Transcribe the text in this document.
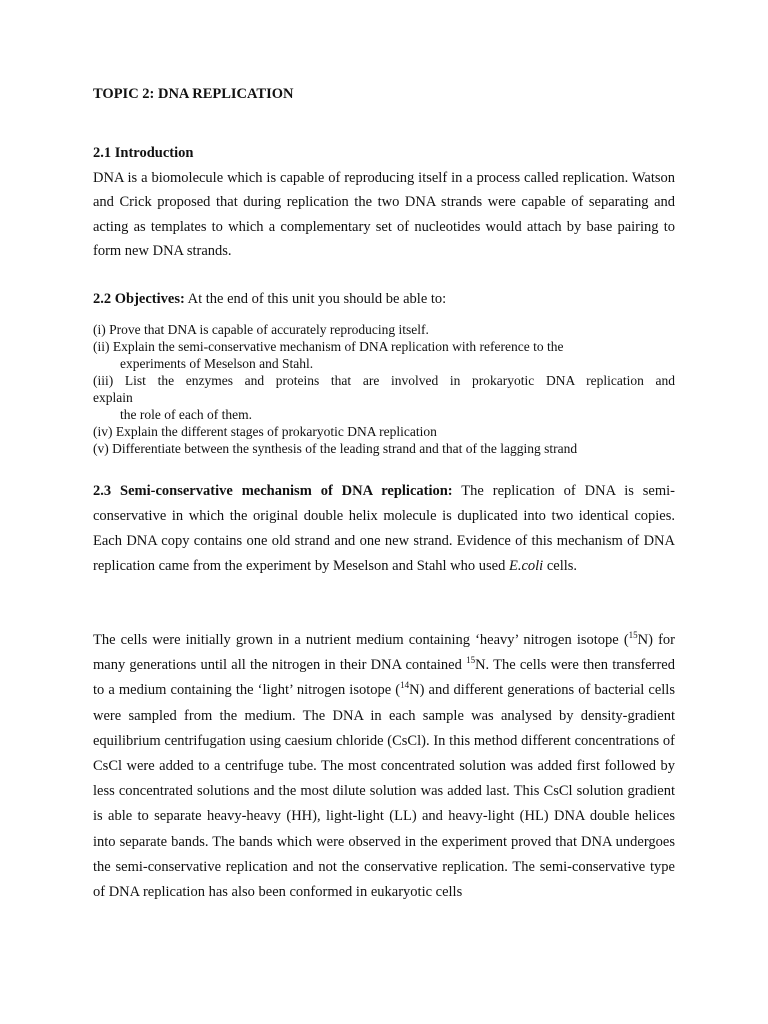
TOPIC 2: DNA REPLICATION

2.1 Introduction

DNA is a biomolecule which is capable of reproducing itself in a process called replication. Watson and Crick proposed that during replication the two DNA strands were capable of separating and acting as templates to which a complementary set of nucleotides would attach by base pairing to form new DNA strands.

2.2 Objectives: At the end of this unit you should be able to:
(i) Prove that DNA is capable of accurately reproducing itself.
(ii) Explain the semi-conservative mechanism of DNA replication with reference to the
experiments of Meselson and Stahl.
(iii) List the enzymes and proteins that are involved in prokaryotic DNA replication and
explain
the role of each of them.
(iv) Explain the different stages of prokaryotic DNA replication
(v) Differentiate between the synthesis of the leading strand and that of the lagging strand

2.3 Semi-conservative mechanism of DNA replication: The replication of DNA is semi-conservative in which the original double helix molecule is duplicated into two identical copies. Each DNA copy contains one old strand and one new strand. Evidence of this mechanism of DNA replication came from the experiment by Meselson and Stahl who used E.coli cells.

The cells were initially grown in a nutrient medium containing ‘heavy’ nitrogen isotope ($^{15}$N) for many generations until all the nitrogen in their DNA contained $^{15}$N. The cells were then transferred to a medium containing the ‘light’ nitrogen isotope ($^{14}$N) and different generations of bacterial cells were sampled from the medium. The DNA in each sample was analysed by density-gradient equilibrium centrifugation using caesium chloride (CsCl). In this method different concentrations of CsCl were added to a centrifuge tube. The most concentrated solution was added first followed by less concentrated solutions and the most dilute solution was added last. This CsCl solution gradient is able to separate heavy-heavy (HH), light-light (LL) and heavy-light (HL) DNA double helices into separate bands. The bands which were observed in the experiment proved that DNA undergoes the semi-conservative replication and not the conservative replication. The semi-conservative type of DNA replication has also been conformed in eukaryotic cells
